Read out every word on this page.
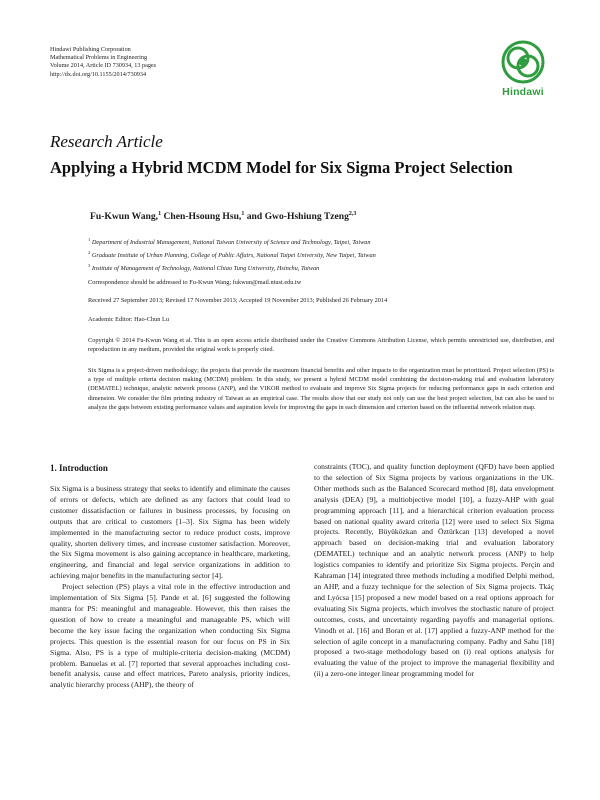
Hindawi Publishing Corporation
Mathematical Problems in Engineering
Volume 2014, Article ID 730934, 13 pages
http://dx.doi.org/10.1155/2014/730934
Hindawi
Research Article
Applying a Hybrid MCDM Model for Six Sigma Project Selection
Fu-Kwun Wang,$^1$ Chen-Hsoung Hsu,$^1$ and Gwo-Hshiung Tzeng$^{2,3}$
$^1$ Department of Industrial Management, National Taiwan University of Science and Technology, Taipei, Taiwan
$^2$ Graduate Institute of Urban Planning, College of Public Affairs, National Taipei University, New Taipei, Taiwan
$^3$ Institute of Management of Technology, National Chiao Tung University, Hsinchu, Taiwan
Correspondence should be addressed to Fu-Kwun Wang; fukwun@mail.ntust.edu.tw
Received 27 September 2013; Revised 17 November 2013; Accepted 19 November 2013; Published 26 February 2014
Academic Editor: Hao-Chun Lu
Copyright © 2014 Fu-Kwun Wang et al. This is an open access article distributed under the Creative Commons Attribution License, which permits unrestricted use, distribution, and reproduction in any medium, provided the original work is properly cited.
Six Sigma is a project-driven methodology; the projects that provide the maximum financial benefits and other impacts to the organization must be prioritized. Project selection (PS) is a type of multiple criteria decision making (MCDM) problem. In this study, we present a hybrid MCDM model combining the decision-making trial and evaluation laboratory (DEMATEL) technique, analytic network process (ANP), and the VIKOR method to evaluate and improve Six Sigma projects for reducing performance gaps in each criterion and dimension. We consider the film printing industry of Taiwan as an empirical case. The results show that our study not only can use the best project selection, but can also be used to analyze the gaps between existing performance values and aspiration levels for improving the gaps in each dimension and criterion based on the influential network relation map.
1. Introduction

Six Sigma is a business strategy that seeks to identify and eliminate the causes of errors or defects, which are defined as any factors that could lead to customer dissatisfaction or failures in business processes, by focusing on outputs that are critical to customers [1–3]. Six Sigma has been widely implemented in the manufacturing sector to reduce product costs, improve quality, shorten delivery times, and increase customer satisfaction. Moreover, the Six Sigma movement is also gaining acceptance in healthcare, marketing, engineering, and financial and legal service organizations in addition to achieving major benefits in the manufacturing sector [4].

Project selection (PS) plays a vital role in the effective introduction and implementation of Six Sigma [5]. Pande et al. [6] suggested the following mantra for PS: meaningful and manageable. However, this then raises the question of how to create a meaningful and manageable PS, which will become the key issue facing the organization when conducting Six Sigma projects. This question is the essential reason for our focus on PS in Six Sigma. Also, PS is a type of multiple-criteria decision-making (MCDM) problem. Banuelas et al. [7] reported that several approaches including cost-benefit analysis, cause and effect matrices, Pareto analysis, priority indices, analytic hierarchy process (AHP), the theory of

constraints (TOC), and quality function deployment (QFD) have been applied to the selection of Six Sigma projects by various organizations in the UK. Other methods such as the Balanced Scorecard method [8], data envelopment analysis (DEA) [9], a multiobjective model [10], a fuzzy-AHP with goal programming approach [11], and a hierarchical criterion evaluation process based on national quality award criteria [12] were used to select Six Sigma projects. Recently, Büyüközkan and Öztürkcan [13] developed a novel approach based on decision-making trial and evaluation laboratory (DEMATEL) technique and an analytic network process (ANP) to help logistics companies to identify and prioritize Six Sigma projects. Perçin and Kahraman [14] integrated three methods including a modified Delphi method, an AHP, and a fuzzy technique for the selection of Six Sigma projects. Tkáç and Lyócsa [15] proposed a new model based on a real options approach for evaluating Six Sigma projects, which involves the stochastic nature of project outcomes, costs, and uncertainty regarding payoffs and managerial options. Vinodh et al. [16] and Boran et al. [17] applied a fuzzy-ANP method for the selection of agile concept in a manufacturing company. Padhy and Sahu [18] proposed a two-stage methodology based on (i) real options analysis for evaluating the value of the project to improve the managerial flexibility and (ii) a zero-one integer linear programming model for
